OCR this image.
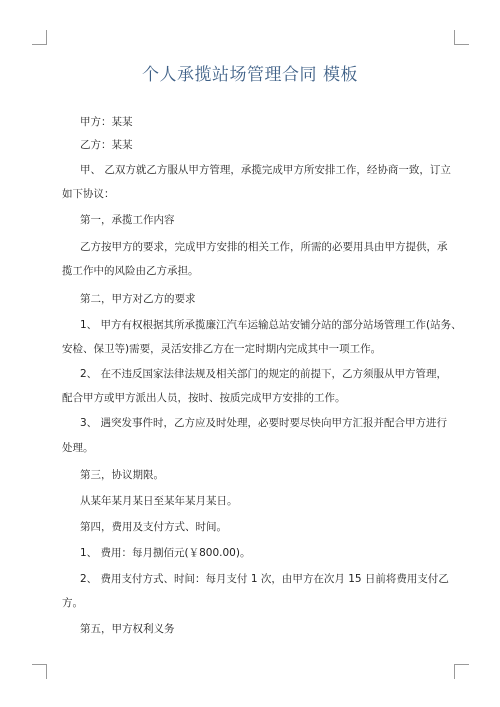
个人承揽站场管理合同 模板
甲方：某某
乙方：某某
甲、 乙双方就乙方服从甲方管理，承揽完成甲方所安排工作，经协商一致，订立
如下协议：
第一，承揽工作内容
乙方按甲方的要求，完成甲方安排的相关工作，所需的必要用具由甲方提供，承
揽工作中的风险由乙方承担。
第二，甲方对乙方的要求
1、 甲方有权根据其所承揽廉江汽车运输总站安铺分站的部分站场管理工作(站务、
安检、保卫等)需要，灵活安排乙方在一定时期内完成其中一项工作。
2、 在不违反国家法律法规及相关部门的规定的前提下，乙方须服从甲方管理，
配合甲方或甲方派出人员，按时、按质完成甲方安排的工作。
3、 遇突发事件时，乙方应及时处理，必要时要尽快向甲方汇报并配合甲方进行
处理。
第三，协议期限。
从某年某月某日至某年某月某日。
第四，费用及支付方式、时间。
1、 费用：每月捌佰元(￥800.00)。
2、 费用支付方式、时间：每月支付 1 次，由甲方在次月 15 日前将费用支付乙
方。
第五，甲方权利义务
